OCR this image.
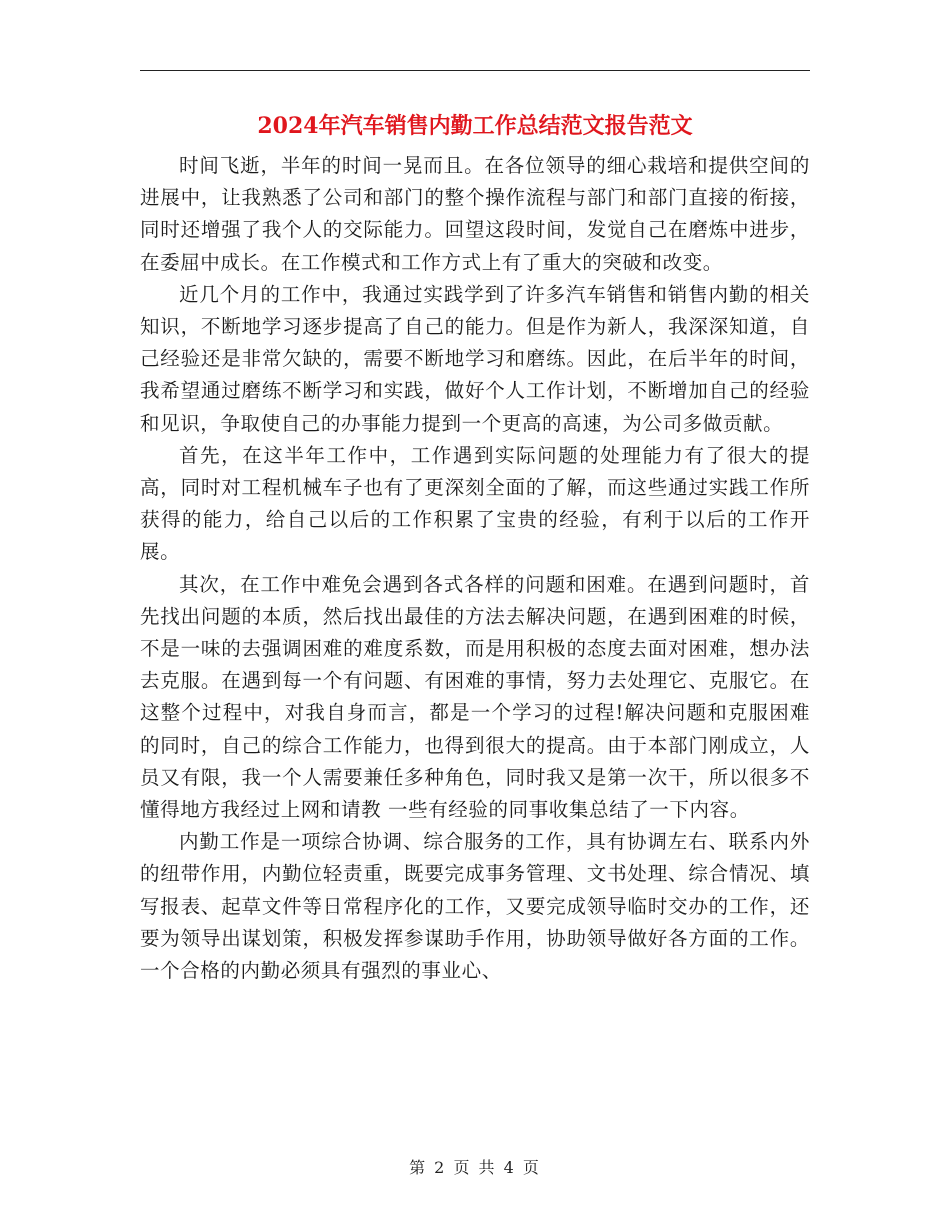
2024年汽车销售内勤工作总结范文报告范文

时间飞逝，半年的时间一晃而且。在各位领导的细心栽培和提供空间的进展中，让我熟悉了公司和部门的整个操作流程与部门和部门直接的衔接，同时还增强了我个人的交际能力。回望这段时间，发觉自己在磨炼中进步，在委屈中成长。在工作模式和工作方式上有了重大的突破和改变。

近几个月的工作中，我通过实践学到了许多汽车销售和销售内勤的相关知识，不断地学习逐步提高了自己的能力。但是作为新人，我深深知道，自己经验还是非常欠缺的，需要不断地学习和磨练。因此，在后半年的时间，我希望通过磨练不断学习和实践，做好个人工作计划，不断增加自己的经验和见识，争取使自己的办事能力提到一个更高的高速，为公司多做贡献。

首先，在这半年工作中，工作遇到实际问题的处理能力有了很大的提高，同时对工程机械车子也有了更深刻全面的了解，而这些通过实践工作所获得的能力，给自己以后的工作积累了宝贵的经验，有利于以后的工作开展。

其次，在工作中难免会遇到各式各样的问题和困难。在遇到问题时，首先找出问题的本质，然后找出最佳的方法去解决问题，在遇到困难的时候，不是一味的去强调困难的难度系数，而是用积极的态度去面对困难，想办法去克服。在遇到每一个有问题、有困难的事情，努力去处理它、克服它。在这整个过程中，对我自身而言，都是一个学习的过程!解决问题和克服困难的同时，自己的综合工作能力，也得到很大的提高。由于本部门刚成立，人员又有限，我一个人需要兼任多种角色，同时我又是第一次干，所以很多不懂得地方我经过上网和请教 一些有经验的同事收集总结了一下内容。

内勤工作是一项综合协调、综合服务的工作，具有协调左右、联系内外的纽带作用，内勤位轻责重，既要完成事务管理、文书处理、综合情况、填写报表、起草文件等日常程序化的工作，又要完成领导临时交办的工作，还要为领导出谋划策，积极发挥参谋助手作用，协助领导做好各方面的工作。一个合格的内勤必须具有强烈的事业心、

第 2 页 共 4 页
